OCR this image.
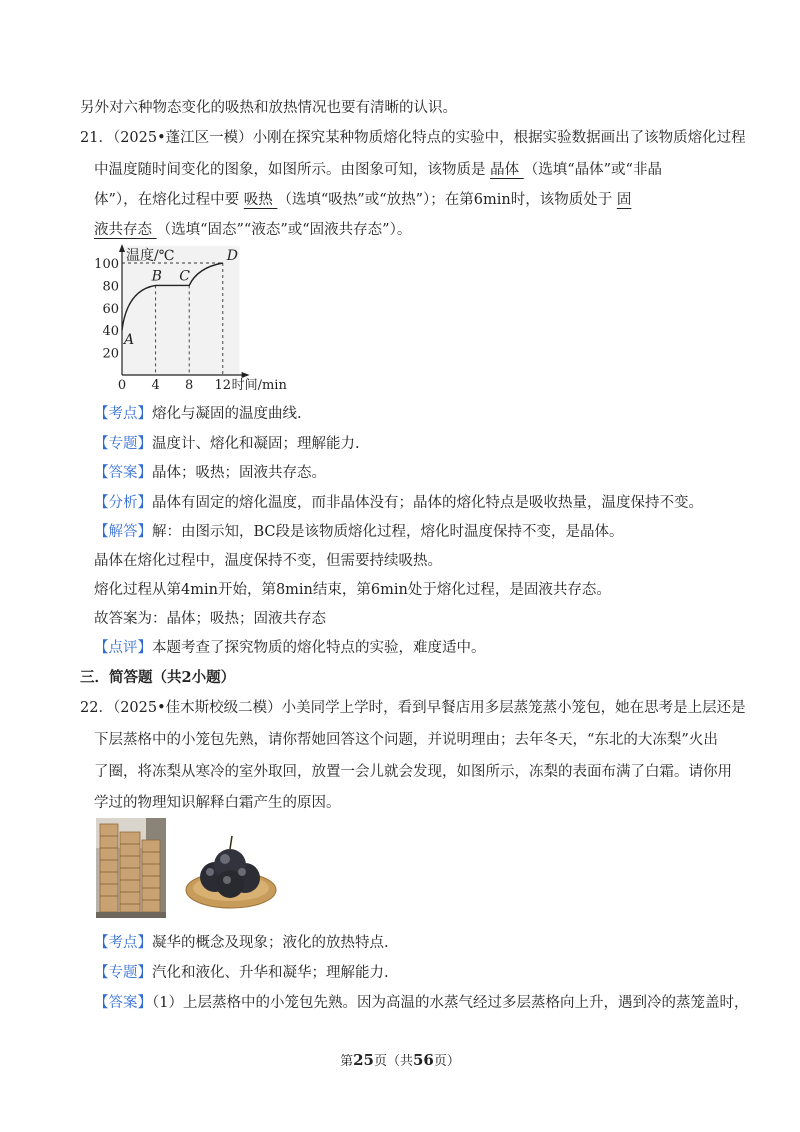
另外对六种物态变化的吸热和放热情况也要有清晰的认识。
21．（2025•蓬江区一模）小刚在探究某种物质熔化特点的实验中，根据实验数据画出了该物质熔化过程
中温度随时间变化的图象，如图所示。由图象可知，该物质是 晶体 （选填“晶体”或“非晶
体”），在熔化过程中要 吸热 （选填“吸热”或“放热”）；在第6min时，该物质处于 固
液共存态 （选填“固态”“液态”或“固液共存态”）。
温度/℃
时间/min
20
40
60
80
100
0 4 8 12
A
B C
D
【考点】熔化与凝固的温度曲线.
【专题】温度计、熔化和凝固；理解能力.
【答案】晶体；吸热；固液共存态。
【分析】晶体有固定的熔化温度，而非晶体没有；晶体的熔化特点是吸收热量，温度保持不变。
【解答】解：由图示知，BC段是该物质熔化过程，熔化时温度保持不变，是晶体。
晶体在熔化过程中，温度保持不变，但需要持续吸热。
熔化过程从第4min开始，第8min结束，第6min处于熔化过程，是固液共存态。
故答案为：晶体；吸热；固液共存态
【点评】本题考查了探究物质的熔化特点的实验，难度适中。
三．简答题（共2小题）
22．（2025•佳木斯校级二模）小美同学上学时，看到早餐店用多层蒸笼蒸小笼包，她在思考是上层还是
下层蒸格中的小笼包先熟，请你帮她回答这个问题，并说明理由；去年冬天，“东北的大冻梨”火出
了圈，将冻梨从寒冷的室外取回，放置一会儿就会发现，如图所示，冻梨的表面布满了白霜。请你用
学过的物理知识解释白霜产生的原因。
【考点】凝华的概念及现象；液化的放热特点.
【专题】汽化和液化、升华和凝华；理解能力.
【答案】（1）上层蒸格中的小笼包先熟。因为高温的水蒸气经过多层蒸格向上升，遇到冷的蒸笼盖时，
第25页（共56页）
